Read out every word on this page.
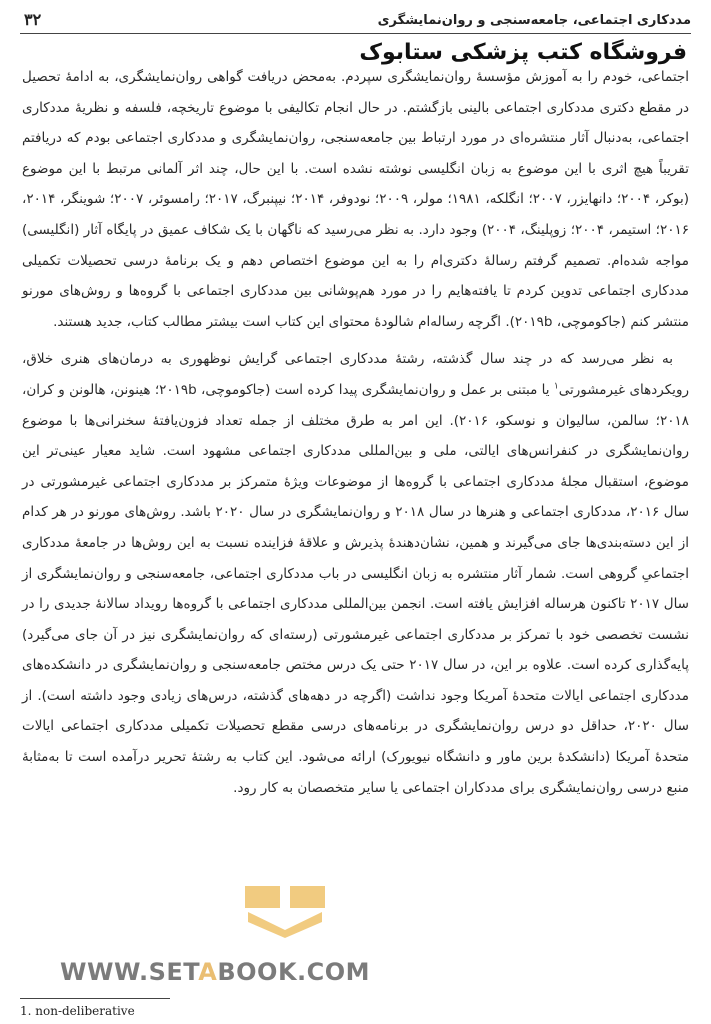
مددکاری اجتماعی، جامعه‌سنجی و روان‌نمایشگری
۳۲

اجتماعی، خودم را به آموزش مؤسسهٔ روان‌نمایشگری سپردم. به‌محض دریافت گواهی روان‌نمایشگری، به ادامهٔ تحصیل در مقطع دکتری مددکاری اجتماعی بالینی بازگشتم. در حال انجام تکالیفی با موضوع تاریخچه، فلسفه و نظریهٔ مددکاری اجتماعی، به‌دنبال آثار منتشره‌ای در مورد ارتباط بین جامعه‌سنجی، روان‌نمایشگری و مددکاری اجتماعی بودم که دریافتم تقریباً هیچ اثری با این موضوع به زبان انگلیسی نوشته نشده است. با این حال، چند اثر آلمانی مرتبط با این موضوع (بوکر، ۲۰۰۴؛ دانهایزر، ۲۰۰۷؛ انگلکه، ۱۹۸۱؛ مولر، ۲۰۰۹؛ نودوفر، ۲۰۱۴؛ نیپنبرگ، ۲۰۱۷؛ رامسوئر، ۲۰۰۷؛ شوینگر، ۲۰۱۴، ۲۰۱۶؛ استیمر، ۲۰۰۴؛ زوپلینگ، ۲۰۰۴) وجود دارد. به نظر می‌رسید که ناگهان با یک شکاف عمیق در پایگاه آثار (انگلیسی) مواجه شده‌ام. تصمیم گرفتم رسالهٔ دکتری‌ام را به این موضوع اختصاص دهم و یک برنامهٔ درسی تحصیلات تکمیلی مددکاری اجتماعی تدوین کردم تا یافته‌هایم را در مورد هم‌پوشانی بین مددکاری اجتماعی با گروه‌ها و روش‌های مورنو منتشر کنم (جاکوموچی، ۲۰۱۹b). اگرچه رساله‌ام شالودهٔ محتوای این کتاب است بیشتر مطالب کتاب، جدید هستند.

به نظر می‌رسد که در چند سال گذشته، رشتهٔ مددکاری اجتماعی گرایش نوظهوری به درمان‌های هنری خلاق، رویکردهای غیرمشورتی$^۱$ یا مبتنی بر عمل و روان‌نمایشگری پیدا کرده است (جاکوموچی، ۲۰۱۹b؛ هینونن، هالونن و کران، ۲۰۱۸؛ سالمن، سالیوان و نوسکو، ۲۰۱۶). این امر به طرق مختلف از جمله تعداد فزون‌یافتهٔ سخنرانی‌ها با موضوع روان‌نمایشگری در کنفرانس‌های ایالتی، ملی و بین‌المللی مددکاری اجتماعی مشهود است. شاید معیار عینی‌تر این موضوع، استقبال مجلهٔ مددکاری اجتماعی با گروه‌ها از موضوعات ویژهٔ متمرکز بر مددکاری اجتماعی غیرمشورتی در سال ۲۰۱۶، مددکاری اجتماعی و هنرها در سال ۲۰۱۸ و روان‌نمایشگری در سال ۲۰۲۰ باشد. روش‌های مورنو در هر کدام از این دسته‌بندی‌ها جای می‌گیرند و همین، نشان‌دهندهٔ پذیرش و علاقهٔ فزاینده نسبت به این روش‌ها در جامعهٔ مددکاری اجتماعیِ گروهی است. شمار آثار منتشره به زبان انگلیسی در باب مددکاری اجتماعی، جامعه‌سنجی و روان‌نمایشگری از سال ۲۰۱۷ تاکنون هرساله افزایش یافته است. انجمن بین‌المللی مددکاری اجتماعی با گروه‌ها رویداد سالانهٔ جدیدی را در نشست تخصصی خود با تمرکز بر مددکاری اجتماعی غیرمشورتی (رسته‌ای که روان‌نمایشگری نیز در آن جای می‌گیرد) پایه‌گذاری کرده است. علاوه بر این، در سال ۲۰۱۷ حتی یک درس مختص جامعه‌سنجی و روان‌نمایشگری در دانشکده‌های مددکاری اجتماعی ایالات متحدهٔ آمریکا وجود نداشت (اگرچه در دهه‌های گذشته، درس‌های زیادی وجود داشته است). از سال ۲۰۲۰، حداقل دو درس روان‌نمایشگری در برنامه‌های درسی مقطع تحصیلات تکمیلی مددکاری اجتماعی ایالات متحدهٔ آمریکا (دانشکدهٔ برین ماور و دانشگاه نیویورک) ارائه می‌شود. این کتاب به رشتهٔ تحریر درآمده است تا به‌مثابهٔ منبع درسی روان‌نمایشگری برای مددکاران اجتماعی یا سایر متخصصان به کار رود.

فروشگاه کتب پزشکی ستابوک
WWW.SETABOOK.COM
1. non-deliberative
